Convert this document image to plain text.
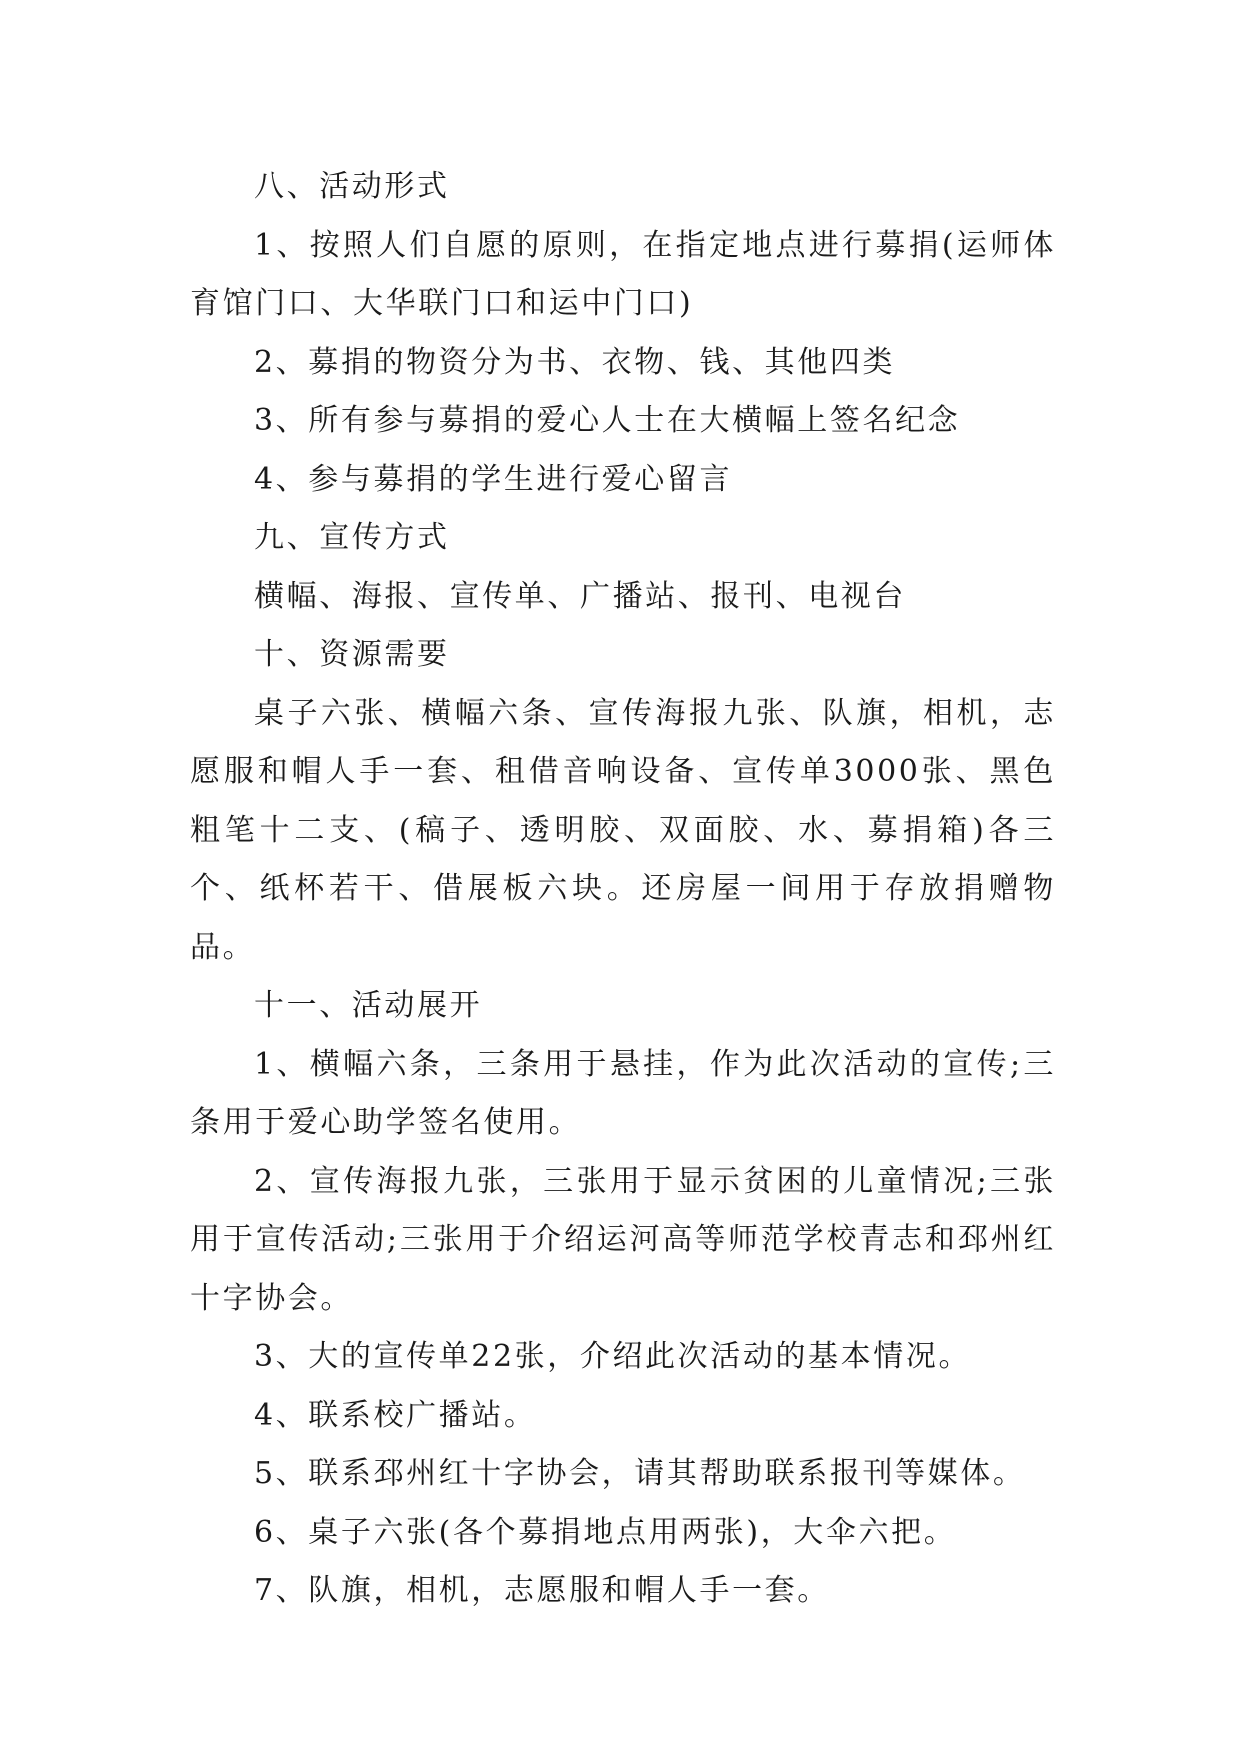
八、活动形式

1、按照人们自愿的原则，在指定地点进行募捐(运师体育馆门口、大华联门口和运中门口)

2、募捐的物资分为书、衣物、钱、其他四类

3、所有参与募捐的爱心人士在大横幅上签名纪念

4、参与募捐的学生进行爱心留言

九、宣传方式

横幅、海报、宣传单、广播站、报刊、电视台

十、资源需要

桌子六张、横幅六条、宣传海报九张、队旗，相机，志愿服和帽人手一套、租借音响设备、宣传单3000张、黑色粗笔十二支、(稿子、透明胶、双面胶、水、募捐箱)各三个、纸杯若干、借展板六块。还房屋一间用于存放捐赠物品。

十一、活动展开

1、横幅六条，三条用于悬挂，作为此次活动的宣传;三条用于爱心助学签名使用。

2、宣传海报九张，三张用于显示贫困的儿童情况;三张用于宣传活动;三张用于介绍运河高等师范学校青志和邳州红十字协会。

3、大的宣传单22张，介绍此次活动的基本情况。

4、联系校广播站。

5、联系邳州红十字协会，请其帮助联系报刊等媒体。

6、桌子六张(各个募捐地点用两张)，大伞六把。

7、队旗，相机，志愿服和帽人手一套。
